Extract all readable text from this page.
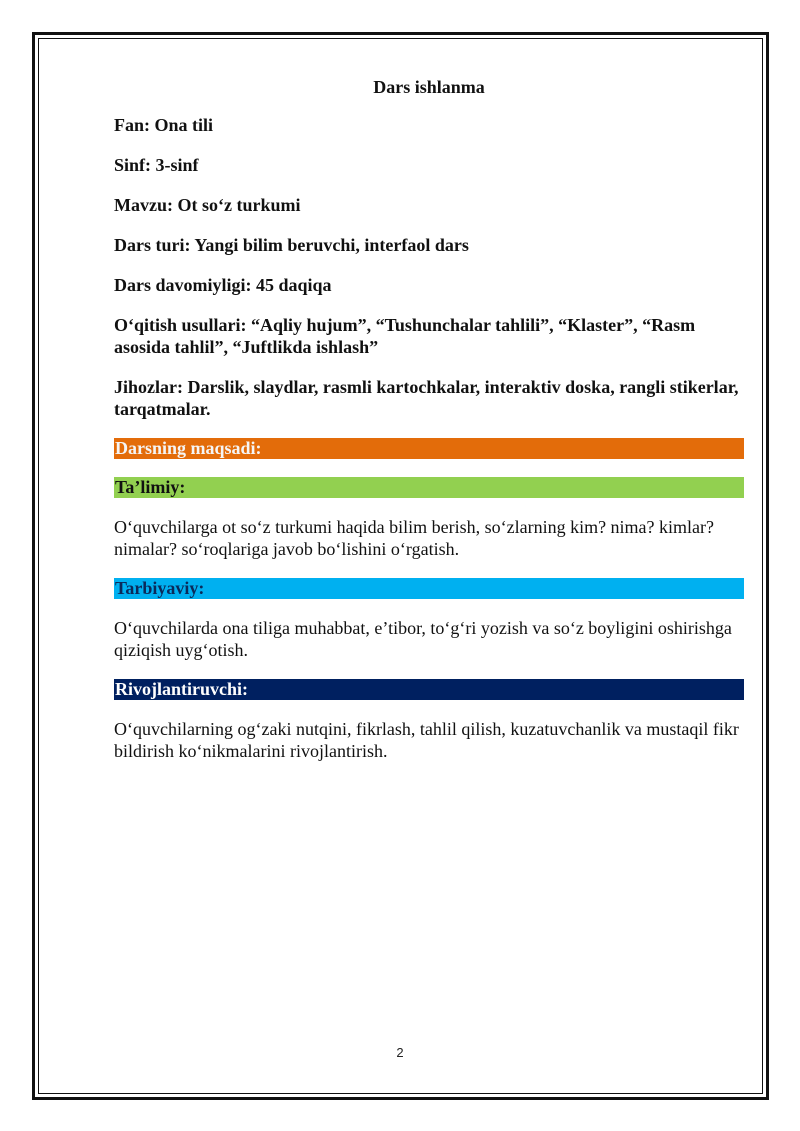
Dars ishlanma
Fan: Ona tili
Sinf: 3-sinf
Mavzu: Ot so‘z turkumi
Dars turi: Yangi bilim beruvchi, interfaol dars
Dars davomiyligi: 45 daqiqa
O‘qitish usullari: “Aqliy hujum”, “Tushunchalar tahlili”, “Klaster”, “Rasm asosida tahlil”, “Juftlikda ishlash”
Jihozlar: Darslik, slaydlar, rasmli kartochkalar, interaktiv doska, rangli stikerlar, tarqatmalar.
Darsning maqsadi:
Ta’limiy:
O‘quvchilarga ot so‘z turkumi haqida bilim berish, so‘zlarning kim? nima? kimlar? nimalar? so‘roqlariga javob bo‘lishini o‘rgatish.
Tarbiyaviy:
O‘quvchilarda ona tiliga muhabbat, e’tibor, to‘g‘ri yozish va so‘z boyligini oshirishga qiziqish uyg‘otish.
Rivojlantiruvchi:
O‘quvchilarning og‘zaki nutqini, fikrlash, tahlil qilish, kuzatuvchanlik va mustaqil fikr bildirish ko‘nikmalarini rivojlantirish.
2
